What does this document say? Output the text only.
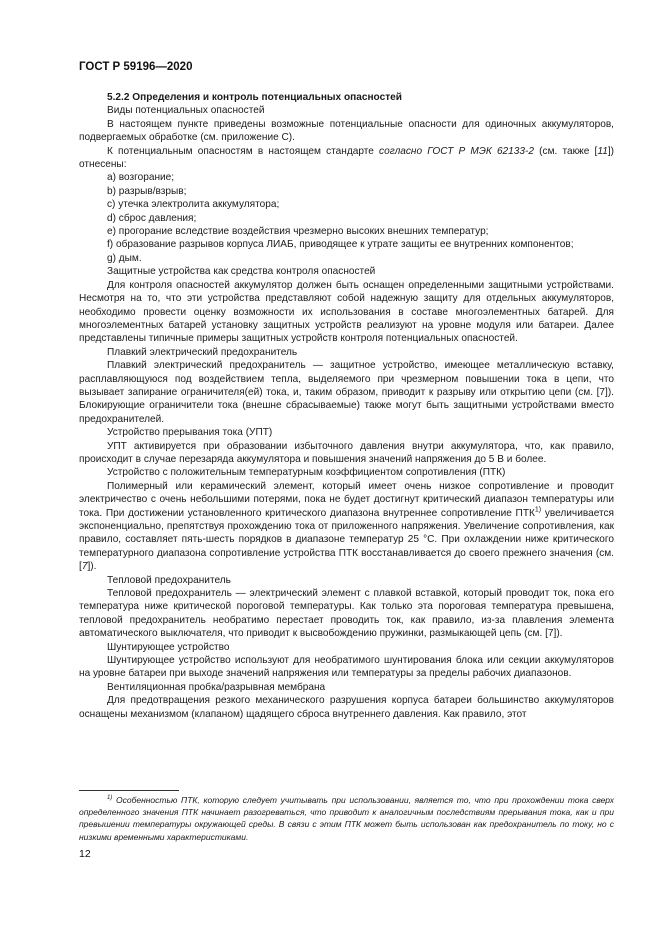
ГОСТ Р 59196—2020

5.2.2 Определения и контроль потенциальных опасностей

Виды потенциальных опасностей

В настоящем пункте приведены возможные потенциальные опасности для одиночных аккумуляторов, подвергаемых обработке (см. приложение С).

К потенциальным опасностям в настоящем стандарте согласно ГОСТ Р МЭК 62133-2 (см. также [11]) отнесены:

a) возгорание;

b) разрыв/взрыв;

c) утечка электролита аккумулятора;

d) сброс давления;

e) прогорание вследствие воздействия чрезмерно высоких внешних температур;

f) образование разрывов корпуса ЛИАБ, приводящее к утрате защиты ее внутренних компонентов;

g) дым.

Защитные устройства как средства контроля опасностей

Для контроля опасностей аккумулятор должен быть оснащен определенными защитными устройствами. Несмотря на то, что эти устройства представляют собой надежную защиту для отдельных аккумуляторов, необходимо провести оценку возможности их использования в составе многоэлементных батарей. Для многоэлементных батарей установку защитных устройств реализуют на уровне модуля или батареи. Далее представлены типичные примеры защитных устройств контроля потенциальных опасностей.

Плавкий электрический предохранитель

Плавкий электрический предохранитель — защитное устройство, имеющее металлическую вставку, расплавляющуюся под воздействием тепла, выделяемого при чрезмерном повышении тока в цепи, что вызывает запирание ограничителя(ей) тока, и, таким образом, приводит к разрыву или открытию цепи (см. [7]). Блокирующие ограничители тока (внешне сбрасываемые) также могут быть защитными устройствами вместо предохранителей.

Устройство прерывания тока (УПТ)

УПТ активируется при образовании избыточного давления внутри аккумулятора, что, как правило, происходит в случае перезаряда аккумулятора и повышения значений напряжения до 5 В и более.

Устройство с положительным температурным коэффициентом сопротивления (ПТК)

Полимерный или керамический элемент, который имеет очень низкое сопротивление и проводит электричество с очень небольшими потерями, пока не будет достигнут критический диапазон температуры или тока. При достижении установленного критического диапазона внутреннее сопротивление ПТК$^{1)}$ увеличивается экспоненциально, препятствуя прохождению тока от приложенного напряжения. Увеличение сопротивления, как правило, составляет пять-шесть порядков в диапазоне температур 25 °С. При охлаждении ниже критического температурного диапазона сопротивление устройства ПТК восстанавливается до своего прежнего значения (см. [7]).

Тепловой предохранитель

Тепловой предохранитель — электрический элемент с плавкой вставкой, который проводит ток, пока его температура ниже критической пороговой температуры. Как только эта пороговая температура превышена, тепловой предохранитель необратимо перестает проводить ток, как правило, из-за плавления элемента автоматического выключателя, что приводит к высвобождению пружинки, размыкающей цепь (см. [7]).

Шунтирующее устройство

Шунтирующее устройство используют для необратимого шунтирования блока или секции аккумуляторов на уровне батареи при выходе значений напряжения или температуры за пределы рабочих диапазонов.

Вентиляционная пробка/разрывная мембрана

Для предотвращения резкого механического разрушения корпуса батареи большинство аккумуляторов оснащены механизмом (клапаном) щадящего сброса внутреннего давления. Как правило, этот

$^{1)}$ Особенностью ПТК, которую следует учитывать при использовании, является то, что при прохождении тока сверх определенного значения ПТК начинает разогреваться, что приводит к аналогичным последствиям прерывания тока, как и при превышении температуры окружающей среды. В связи с этим ПТК может быть использован как предохранитель по току, но с низкими временными характеристиками.
12
